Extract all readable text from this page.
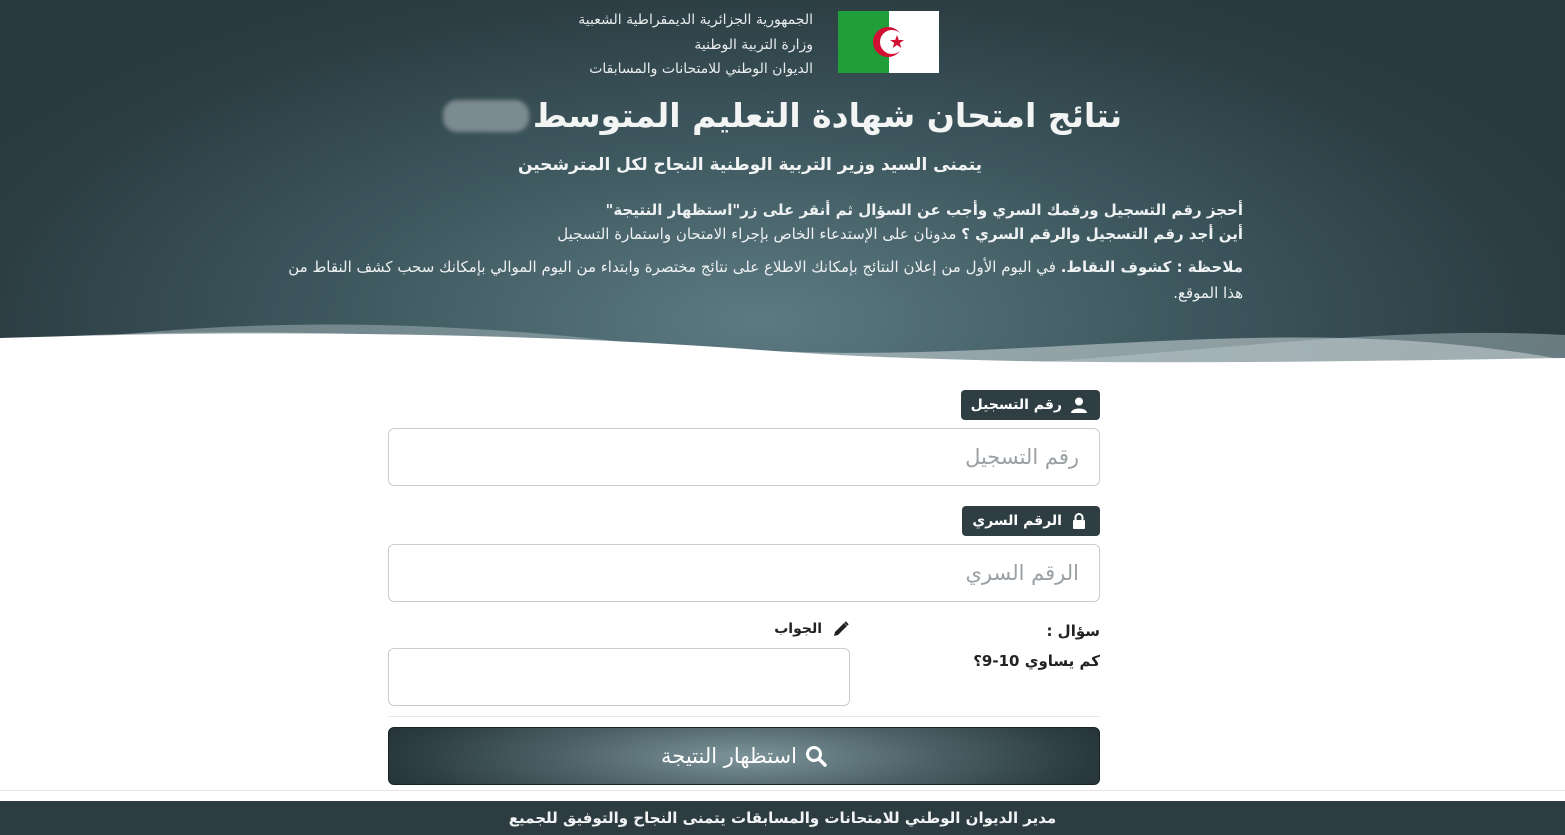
الجمهورية الجزائرية الديمقراطية الشعبية
وزارة التربية الوطنية
الديوان الوطني للامتحانات والمسابقات
نتائج امتحان شهادة التعليم المتوسط
يتمنى السيد وزير التربية الوطنية النجاح لكل المترشحين
أحجز رقم التسجيل ورقمك السري وأجب عن السؤال ثم أنقر على زر"استظهار النتيجة"
أين أجد رقم التسجيل والرقم السري ؟ مدونان على الإستدعاء الخاص بإجراء الامتحان واستمارة التسجيل
ملاحظة : كشوف النقاط. في اليوم الأول من إعلان النتائج بإمكانك الاطلاع على نتائج مختصرة وابتداء من اليوم الموالي بإمكانك سحب كشف النقاط من هذا الموقع.
رقم التسجيل
رقم التسجيل
الرقم السري
سؤال :
كم يساوي 10-9؟
الجواب
استظهار النتيجة
مدير الديوان الوطني للامتحانات والمسابقات يتمنى النجاح والتوفيق للجميع
